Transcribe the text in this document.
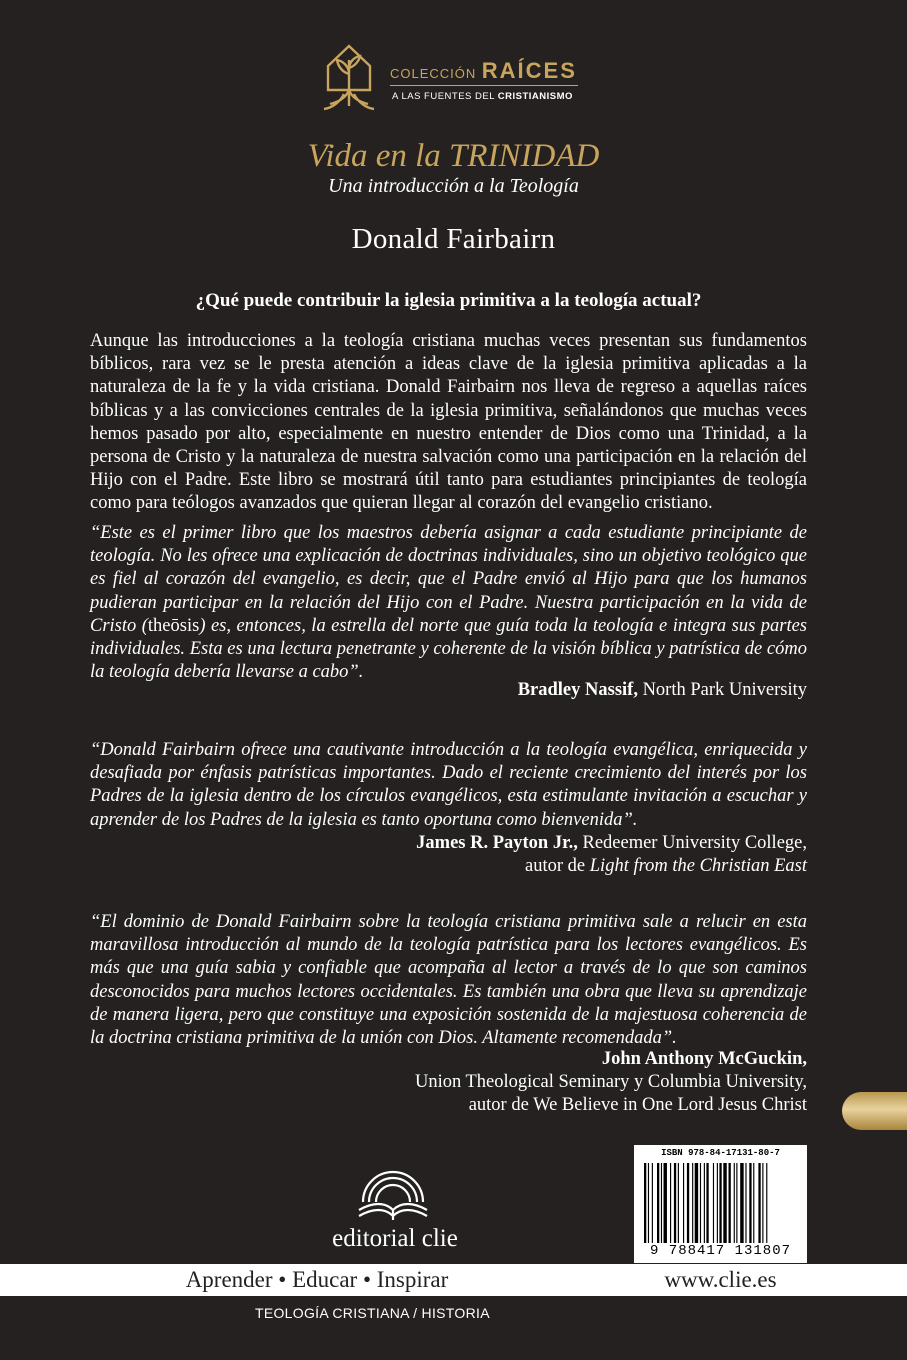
COLECCIÓN RAÍCES
A LAS FUENTES DEL CRISTIANISMO
Vida en la TRINIDAD
Una introducción a la Teología
Donald Fairbairn
¿Qué puede contribuir la iglesia primitiva a la teología actual?
Aunque las introducciones a la teología cristiana muchas veces presentan sus fundamentos bíblicos, rara vez se le presta atención a ideas clave de la iglesia primitiva aplicadas a la naturaleza de la fe y la vida cristiana. Donald Fairbairn nos lleva de regreso a aquellas raíces bíblicas y a las convicciones centrales de la iglesia primitiva, señalándonos que muchas veces hemos pasado por alto, especialmente en nuestro entender de Dios como una Trinidad, a la persona de Cristo y la naturaleza de nuestra salvación como una participación en la relación del Hijo con el Padre. Este libro se mostrará útil tanto para estudiantes principiantes de teología como para teólogos avanzados que quieran llegar al corazón del evangelio cristiano.
“Este es el primer libro que los maestros debería asignar a cada estudiante principiante de teología. No les ofrece una explicación de doctrinas individuales, sino un objetivo teológico que es fiel al corazón del evangelio, es decir, que el Padre envió al Hijo para que los humanos pudieran participar en la relación del Hijo con el Padre. Nuestra participación en la vida de Cristo (theōsis) es, entonces, la estrella del norte que guía toda la teología e integra sus partes individuales. Esta es una lectura penetrante y coherente de la visión bíblica y patrística de cómo la teología debería llevarse a cabo”.
Bradley Nassif, North Park University
“Donald Fairbairn ofrece una cautivante introducción a la teología evangélica, enriquecida y desafiada por énfasis patrísticas importantes. Dado el reciente crecimiento del interés por los Padres de la iglesia dentro de los círculos evangélicos, esta estimulante invitación a escuchar y aprender de los Padres de la iglesia es tanto oportuna como bienvenida”.
James R. Payton Jr., Redeemer University College,
autor de Light from the Christian East
“El dominio de Donald Fairbairn sobre la teología cristiana primitiva sale a relucir en esta maravillosa introducción al mundo de la teología patrística para los lectores evangélicos. Es más que una guía sabia y confiable que acompaña al lector a través de lo que son caminos desconocidos para muchos lectores occidentales. Es también una obra que lleva su aprendizaje de manera ligera, pero que constituye una exposición sostenida de la majestuosa coherencia de la doctrina cristiana primitiva de la unión con Dios. Altamente recomendada”.
John Anthony McGuckin,
Union Theological Seminary y Columbia University,
autor de We Believe in One Lord Jesus Christ
editorial clie
ISBN 978-84-17131-80-7
9 788417 131807
Aprender • Educar • Inspirar	www.clie.es
TEOLOGÍA CRISTIANA / HISTORIA
